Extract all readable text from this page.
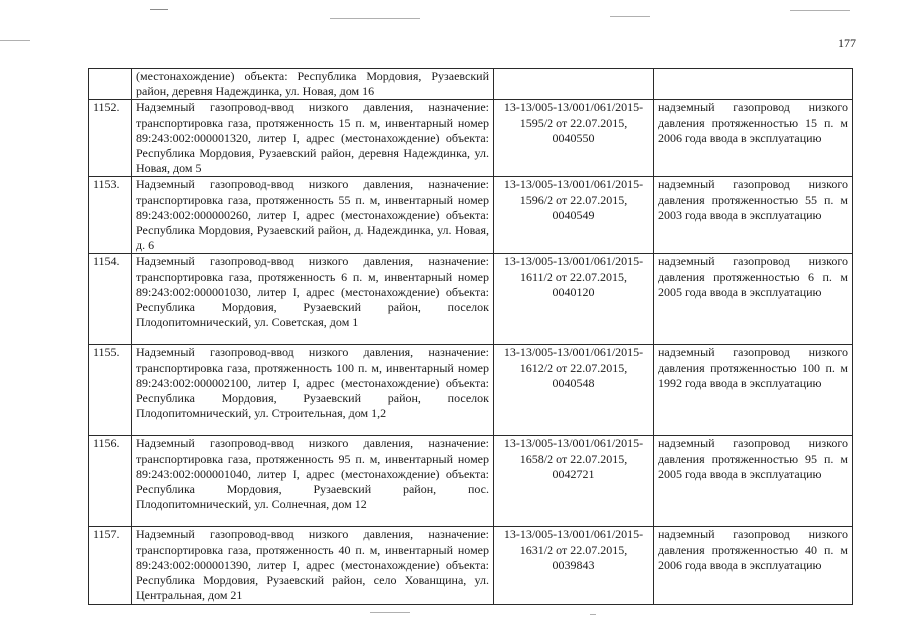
177
	(местонахождение) объекта: Республика Мордовия, Рузаевский район, деревня Надеждинка, ул. Новая, дом 16		
1152.	Надземный газопровод-ввод низкого давления, назначение: транспортировка газа, протяженность 15 п. м, инвентарный номер 89:243:002:000001320, литер I, адрес (местонахождение) объекта: Республика Мордовия, Рузаевский район, деревня Надеждинка, ул. Новая, дом 5	13-13/005-13/001/061/2015-1595/2 от 22.07.2015, 0040550	надземный газопровод низкого давления протяженностью 15 п. м 2006 года ввода в эксплуатацию
1153.	Надземный газопровод-ввод низкого давления, назначение: транспортировка газа, протяженность 55 п. м, инвентарный номер 89:243:002:000000260, литер I, адрес (местонахождение) объекта: Республика Мордовия, Рузаевский район, д. Надеждинка, ул. Новая, д. 6	13-13/005-13/001/061/2015-1596/2 от 22.07.2015, 0040549	надземный газопровод низкого давления протяженностью 55 п. м 2003 года ввода в эксплуатацию
1154.	Надземный газопровод-ввод низкого давления, назначение: транспортировка газа, протяженность 6 п. м, инвентарный номер 89:243:002:000001030, литер I, адрес (местонахождение) объекта: Республика Мордовия, Рузаевский район, поселок Плодопитомнический, ул. Советская, дом 1	13-13/005-13/001/061/2015-1611/2 от 22.07.2015, 0040120	надземный газопровод низкого давления протяженностью 6 п. м 2005 года ввода в эксплуатацию
1155.	Надземный газопровод-ввод низкого давления, назначение: транспортировка газа, протяженность 100 п. м, инвентарный номер 89:243:002:000002100, литер I, адрес (местонахождение) объекта: Республика Мордовия, Рузаевский район, поселок Плодопитомнический, ул. Строительная, дом 1,2	13-13/005-13/001/061/2015-1612/2 от 22.07.2015, 0040548	надземный газопровод низкого давления протяженностью 100 п. м 1992 года ввода в эксплуатацию
1156.	Надземный газопровод-ввод низкого давления, назначение: транспортировка газа, протяженность 95 п. м, инвентарный номер 89:243:002:000001040, литер I, адрес (местонахождение) объекта: Республика Мордовия, Рузаевский район, пос. Плодопитомнический, ул. Солнечная, дом 12	13-13/005-13/001/061/2015-1658/2 от 22.07.2015, 0042721	надземный газопровод низкого давления протяженностью 95 п. м 2005 года ввода в эксплуатацию
1157.	Надземный газопровод-ввод низкого давления, назначение: транспортировка газа, протяженность 40 п. м, инвентарный номер 89:243:002:000001390, литер I, адрес (местонахождение) объекта: Республика Мордовия, Рузаевский район, село Хованщина, ул. Центральная, дом 21	13-13/005-13/001/061/2015-1631/2 от 22.07.2015, 0039843	надземный газопровод низкого давления протяженностью 40 п. м 2006 года ввода в эксплуатацию
